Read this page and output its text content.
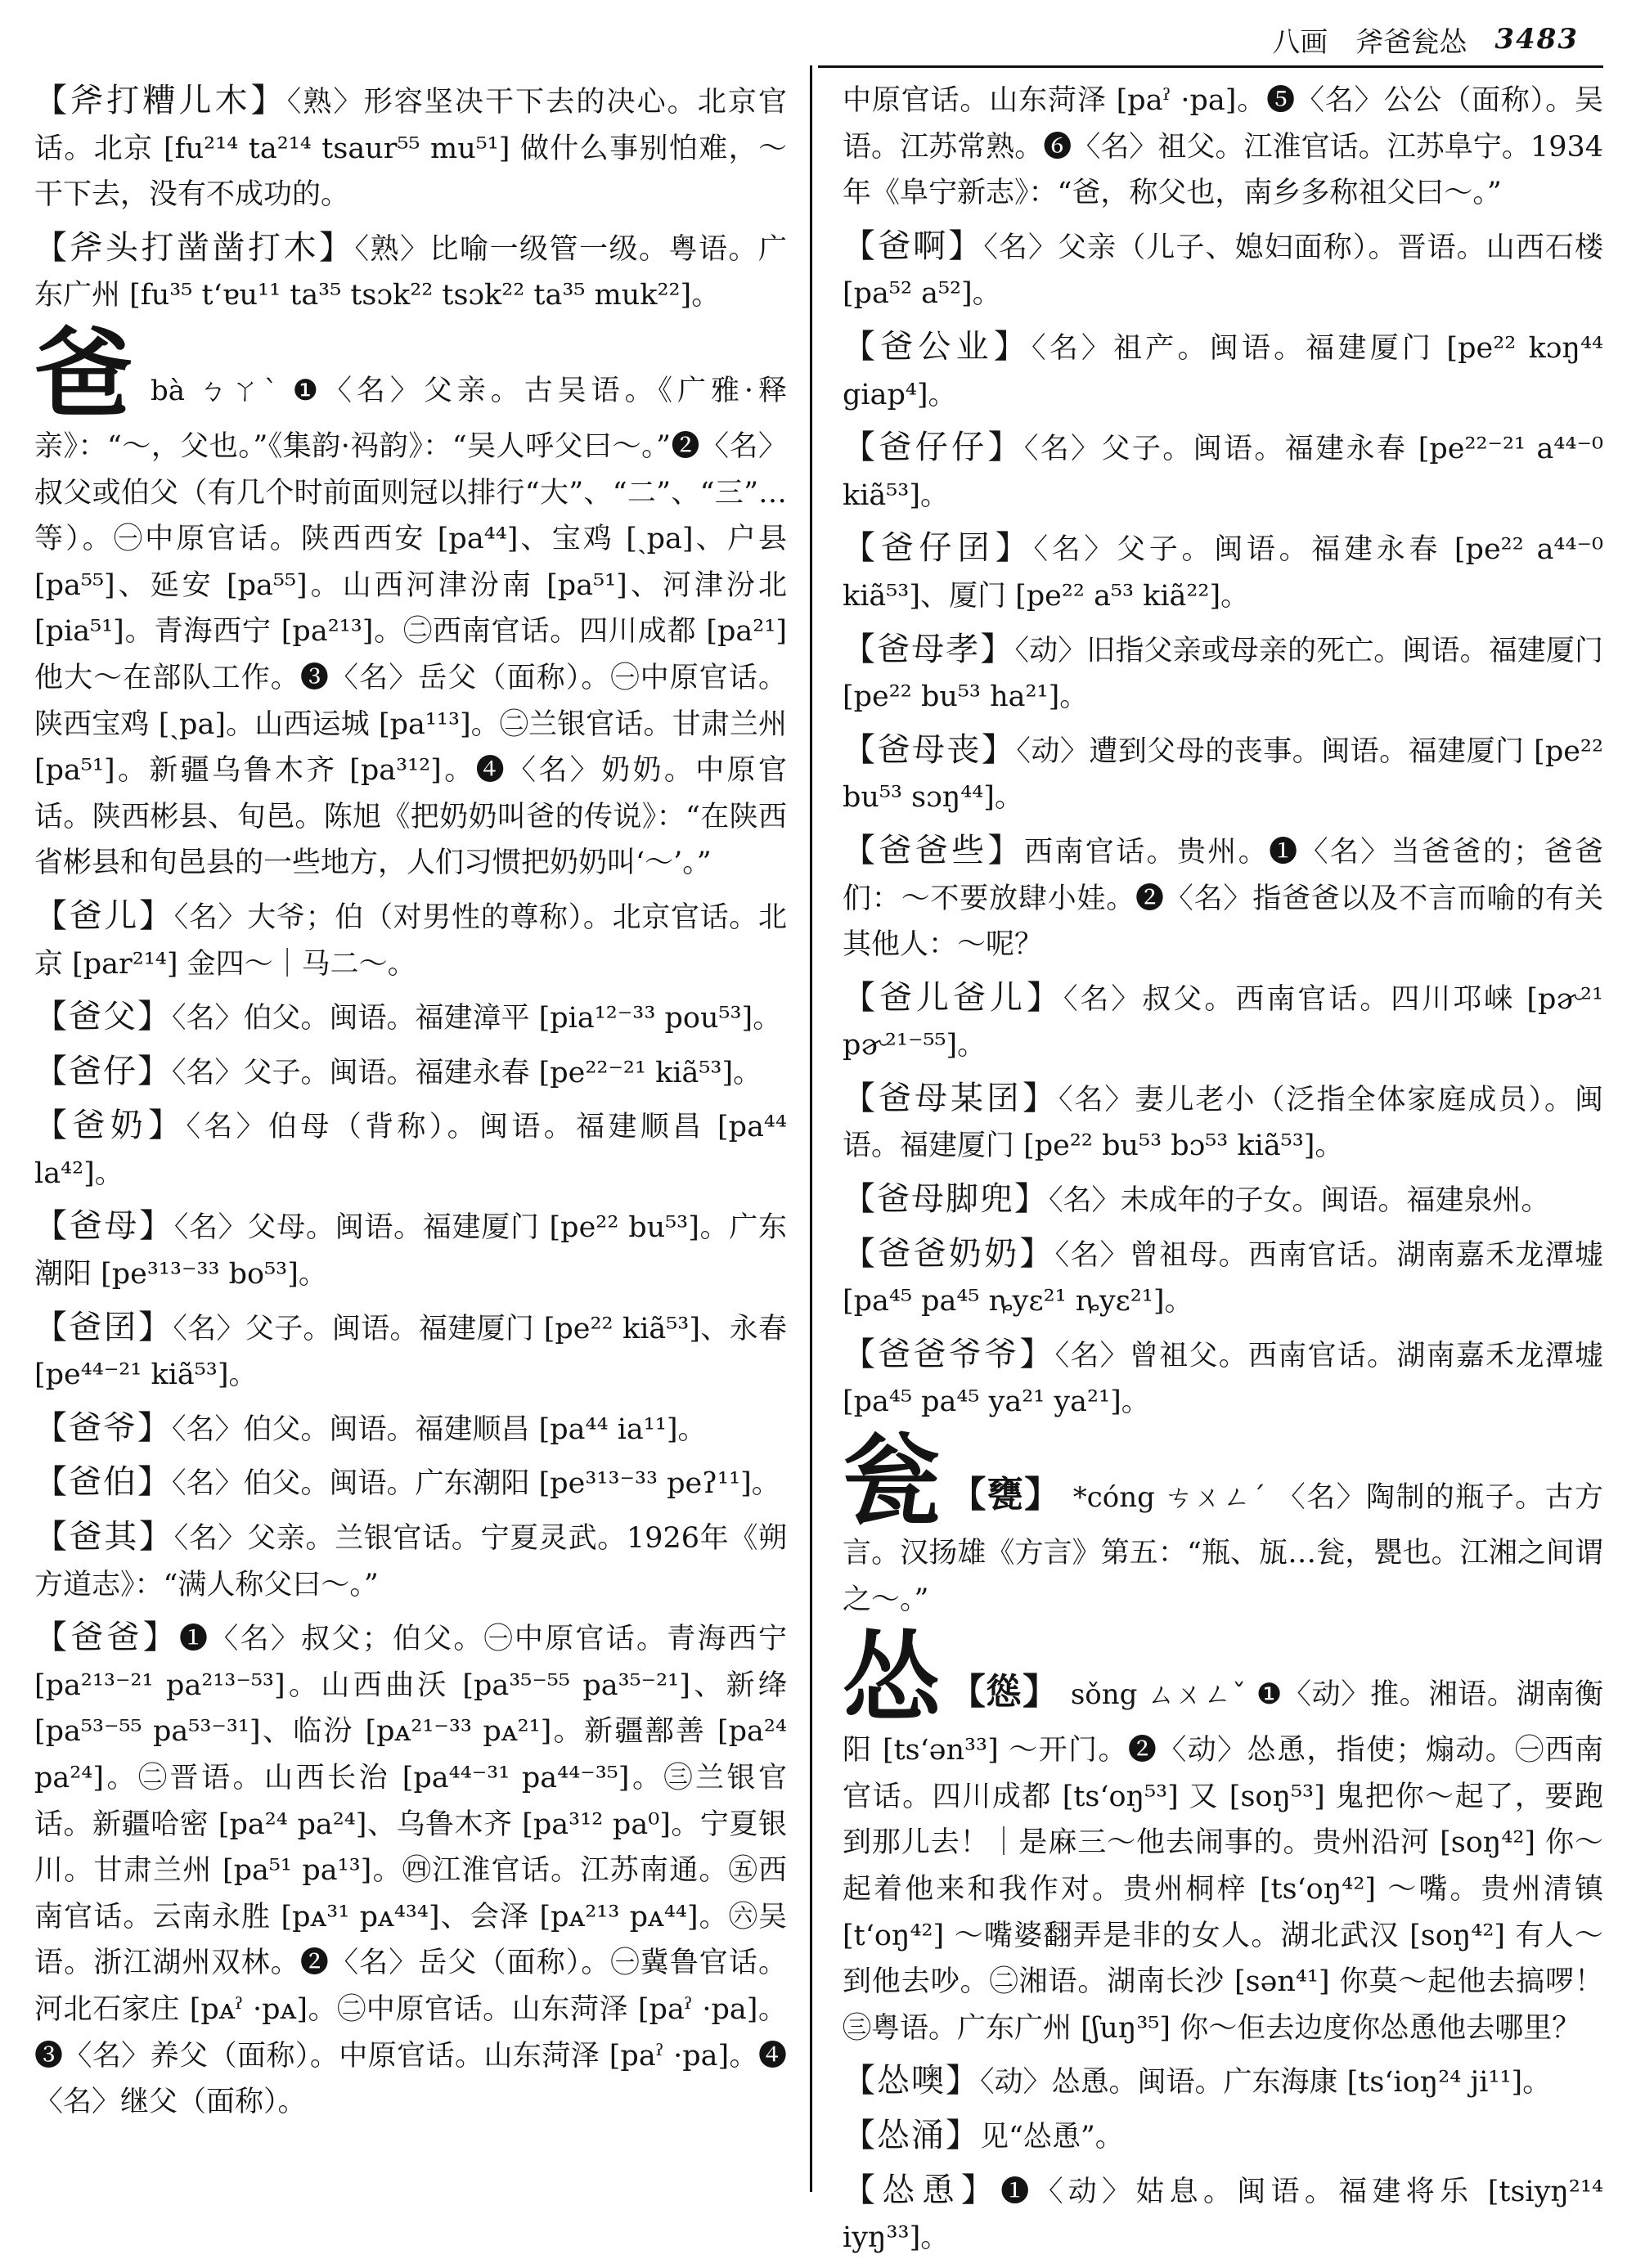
八画 斧爸瓮怂 3483

【斧打糟儿木】〈熟〉形容坚决干下去的决心。北京官话。北京 [fu²¹⁴ ta²¹⁴ tsaur⁵⁵ mu⁵¹] 做什么事别怕难，～干下去，没有不成功的。

【斧头打凿凿打木】〈熟〉比喻一级管一级。粤语。广东广州 [fu³⁵ tʻɐu¹¹ ta³⁵ tsɔk²² tsɔk²² ta³⁵ muk²²]。

爸bà ㄅㄚˋ ❶〈名〉父亲。古吴语。《广雅·释亲》：“～，父也。”《集韵·祃韵》：“吴人呼父曰～。”❷〈名〉叔父或伯父（有几个时前面则冠以排行“大”、“二”、“三”…等）。㊀中原官话。陕西西安 [pa⁴⁴]、宝鸡 [ˏpa]、户县 [pa⁵⁵]、延安 [pa⁵⁵]。山西河津汾南 [pa⁵¹]、河津汾北 [pia⁵¹]。青海西宁 [pa²¹³]。㊁西南官话。四川成都 [pa²¹] 他大～在部队工作。❸〈名〉岳父（面称）。㊀中原官话。陕西宝鸡 [ˏpa]。山西运城 [pa¹¹³]。㊁兰银官话。甘肃兰州 [pa⁵¹]。新疆乌鲁木齐 [pa³¹²]。❹〈名〉奶奶。中原官话。陕西彬县、旬邑。陈旭《把奶奶叫爸的传说》：“在陕西省彬县和旬邑县的一些地方，人们习惯把奶奶叫‘～’。”

【爸儿】〈名〉大爷；伯（对男性的尊称）。北京官话。北京 [par²¹⁴] 金四～｜马二～。

【爸父】〈名〉伯父。闽语。福建漳平 [pia¹²⁻³³ pou⁵³]。

【爸仔】〈名〉父子。闽语。福建永春 [pe²²⁻²¹ kiã⁵³]。

【爸奶】〈名〉伯母（背称）。闽语。福建顺昌 [pa⁴⁴ la⁴²]。

【爸母】〈名〉父母。闽语。福建厦门 [pe²² bu⁵³]。广东潮阳 [pe³¹³⁻³³ bo⁵³]。

【爸囝】〈名〉父子。闽语。福建厦门 [pe²² kiã⁵³]、永春 [pe⁴⁴⁻²¹ kiã⁵³]。

【爸爷】〈名〉伯父。闽语。福建顺昌 [pa⁴⁴ ia¹¹]。

【爸伯】〈名〉伯父。闽语。广东潮阳 [pe³¹³⁻³³ peʔ¹¹]。

【爸其】〈名〉父亲。兰银官话。宁夏灵武。1926年《朔方道志》：“满人称父曰～。”

【爸爸】❶〈名〉叔父；伯父。㊀中原官话。青海西宁 [pa²¹³⁻²¹ pa²¹³⁻⁵³]。山西曲沃 [pa³⁵⁻⁵⁵ pa³⁵⁻²¹]、新绛 [pa⁵³⁻⁵⁵ pa⁵³⁻³¹]、临汾 [pᴀ²¹⁻³³ pᴀ²¹]。新疆鄯善 [pa²⁴ pa²⁴]。㊁晋语。山西长治 [pa⁴⁴⁻³¹ pa⁴⁴⁻³⁵]。㊂兰银官话。新疆哈密 [pa²⁴ pa²⁴]、乌鲁木齐 [pa³¹² pa⁰]。宁夏银川。甘肃兰州 [pa⁵¹ pa¹³]。㊃江淮官话。江苏南通。㊄西南官话。云南永胜 [pᴀ³¹ pᴀ⁴³⁴]、会泽 [pᴀ²¹³ pᴀ⁴⁴]。㊅吴语。浙江湖州双林。❷〈名〉岳父（面称）。㊀冀鲁官话。河北石家庄 [pᴀˀ ·pᴀ]。㊁中原官话。山东菏泽 [paˀ ·pa]。❸〈名〉养父（面称）。中原官话。山东菏泽 [paˀ ·pa]。❹〈名〉继父（面称）。

中原官话。山东菏泽 [paˀ ·pa]。❺〈名〉公公（面称）。吴语。江苏常熟。❻〈名〉祖父。江淮官话。江苏阜宁。1934年《阜宁新志》：“爸，称父也，南乡多称祖父曰～。”

【爸啊】〈名〉父亲（儿子、媳妇面称）。晋语。山西石楼 [pa⁵² a⁵²]。

【爸公业】〈名〉祖产。闽语。福建厦门 [pe²² kɔŋ⁴⁴ giap⁴]。

【爸仔仔】〈名〉父子。闽语。福建永春 [pe²²⁻²¹ a⁴⁴⁻⁰ kiã⁵³]。

【爸仔囝】〈名〉父子。闽语。福建永春 [pe²² a⁴⁴⁻⁰ kiã⁵³]、厦门 [pe²² a⁵³ kiã²²]。

【爸母孝】〈动〉旧指父亲或母亲的死亡。闽语。福建厦门 [pe²² bu⁵³ ha²¹]。

【爸母丧】〈动〉遭到父母的丧事。闽语。福建厦门 [pe²² bu⁵³ sɔŋ⁴⁴]。

【爸爸些】西南官话。贵州。❶〈名〉当爸爸的；爸爸们：～不要放肆小娃。❷〈名〉指爸爸以及不言而喻的有关其他人：～呢？

【爸儿爸儿】〈名〉叔父。西南官话。四川邛崃 [pɚ²¹ pɚ²¹⁻⁵⁵]。

【爸母某囝】〈名〉妻儿老小（泛指全体家庭成员）。闽语。福建厦门 [pe²² bu⁵³ bɔ⁵³ kiã⁵³]。

【爸母脚兜】〈名〉未成年的子女。闽语。福建泉州。

【爸爸奶奶】〈名〉曾祖母。西南官话。湖南嘉禾龙潭墟 [pa⁴⁵ pa⁴⁵ ȵyɛ²¹ ȵyɛ²¹]。

【爸爸爷爷】〈名〉曾祖父。西南官话。湖南嘉禾龙潭墟 [pa⁴⁵ pa⁴⁵ ya²¹ ya²¹]。

瓮 【甕】 *cóng ㄘㄨㄥˊ 〈名〉陶制的瓶子。古方言。汉扬雄《方言》第五：“瓶、瓬…瓮，甖也。江湘之间谓之～。”

怂 【慫】 sǒng ㄙㄨㄥˇ ❶〈动〉推。湘语。湖南衡阳 [tsʻən³³] ～开门。❷〈动〉怂恿，指使；煽动。㊀西南官话。四川成都 [tsʻoŋ⁵³] 又 [soŋ⁵³] 鬼把你～起了，要跑到那儿去！｜是麻三～他去闹事的。贵州沿河 [soŋ⁴²] 你～起着他来和我作对。贵州桐梓 [tsʻoŋ⁴²] ～嘴。贵州清镇 [tʻoŋ⁴²] ～嘴婆翻弄是非的女人。湖北武汉 [soŋ⁴²] 有人～到他去吵。㊁湘语。湖南长沙 [sən⁴¹] 你莫～起他去搞啰！㊂粤语。广东广州 [ʃuŋ³⁵] 你～佢去边度你怂恿他去哪里？

【怂噢】〈动〉怂恿。闽语。广东海康 [tsʻioŋ²⁴ ji¹¹]。

【怂涌】见“怂恿”。

【怂恿】❶〈动〉姑息。闽语。福建将乐 [tsiyŋ²¹⁴ iyŋ³³]。
